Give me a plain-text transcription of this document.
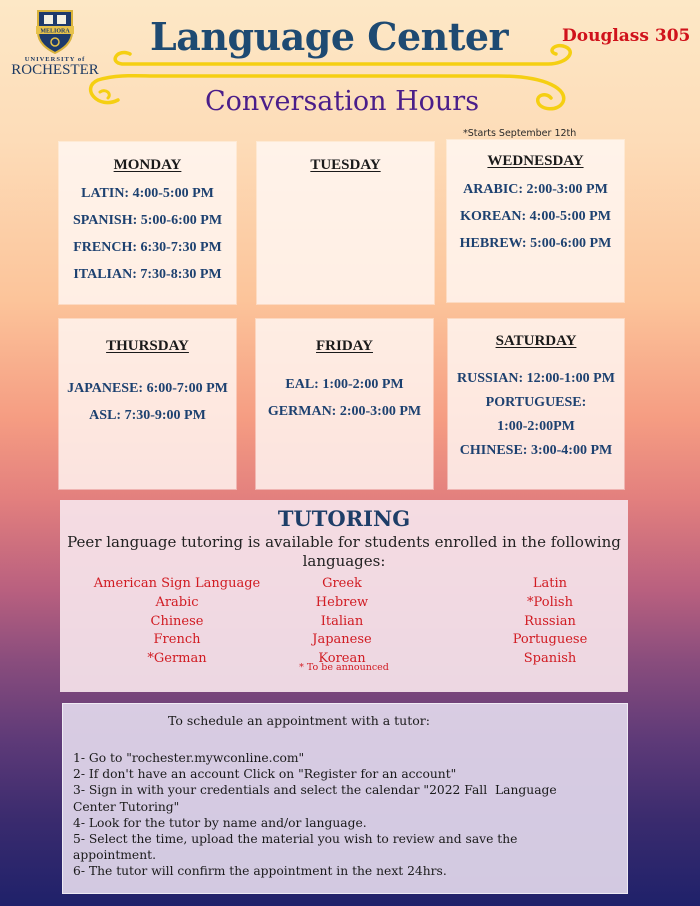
MELIORA
UNIVERSITY of
ROCHESTER
Language Center	Douglass 305
Conversation Hours
*Starts September 12th
MONDAY
LATIN: 4:00-5:00 PM
SPANISH: 5:00-6:00 PM
FRENCH: 6:30-7:30 PM
ITALIAN: 7:30-8:30 PM
TUESDAY	WEDNESDAY
ARABIC: 2:00-3:00 PM
KOREAN: 4:00-5:00 PM
HEBREW: 5:00-6:00 PM
THURSDAY
JAPANESE: 6:00-7:00 PM
ASL: 7:30-9:00 PM
FRIDAY
EAL: 1:00-2:00 PM
GERMAN: 2:00-3:00 PM
SATURDAY
RUSSIAN: 12:00-1:00 PM
PORTUGUESE:
1:00-2:00PM
CHINESE: 3:00-4:00 PM
TUTORING
Peer language tutoring is available for students enrolled in the following
languages:
American Sign Language
Arabic
Chinese
French
*German
Greek
Hebrew
Italian
Japanese
Korean
Latin
*Polish
Russian
Portuguese
Spanish
* To be announced
To schedule an appointment with a tutor:
1- Go to "rochester.mywconline.com"
2- If don't have an account Click on "Register for an account"
3- Sign in with your credentials and select the calendar "2022 Fall  Language
Center Tutoring"
4- Look for the tutor by name and/or language.
5- Select the time, upload the material you wish to review and save the
appointment.
6- The tutor will confirm the appointment in the next 24hrs.
